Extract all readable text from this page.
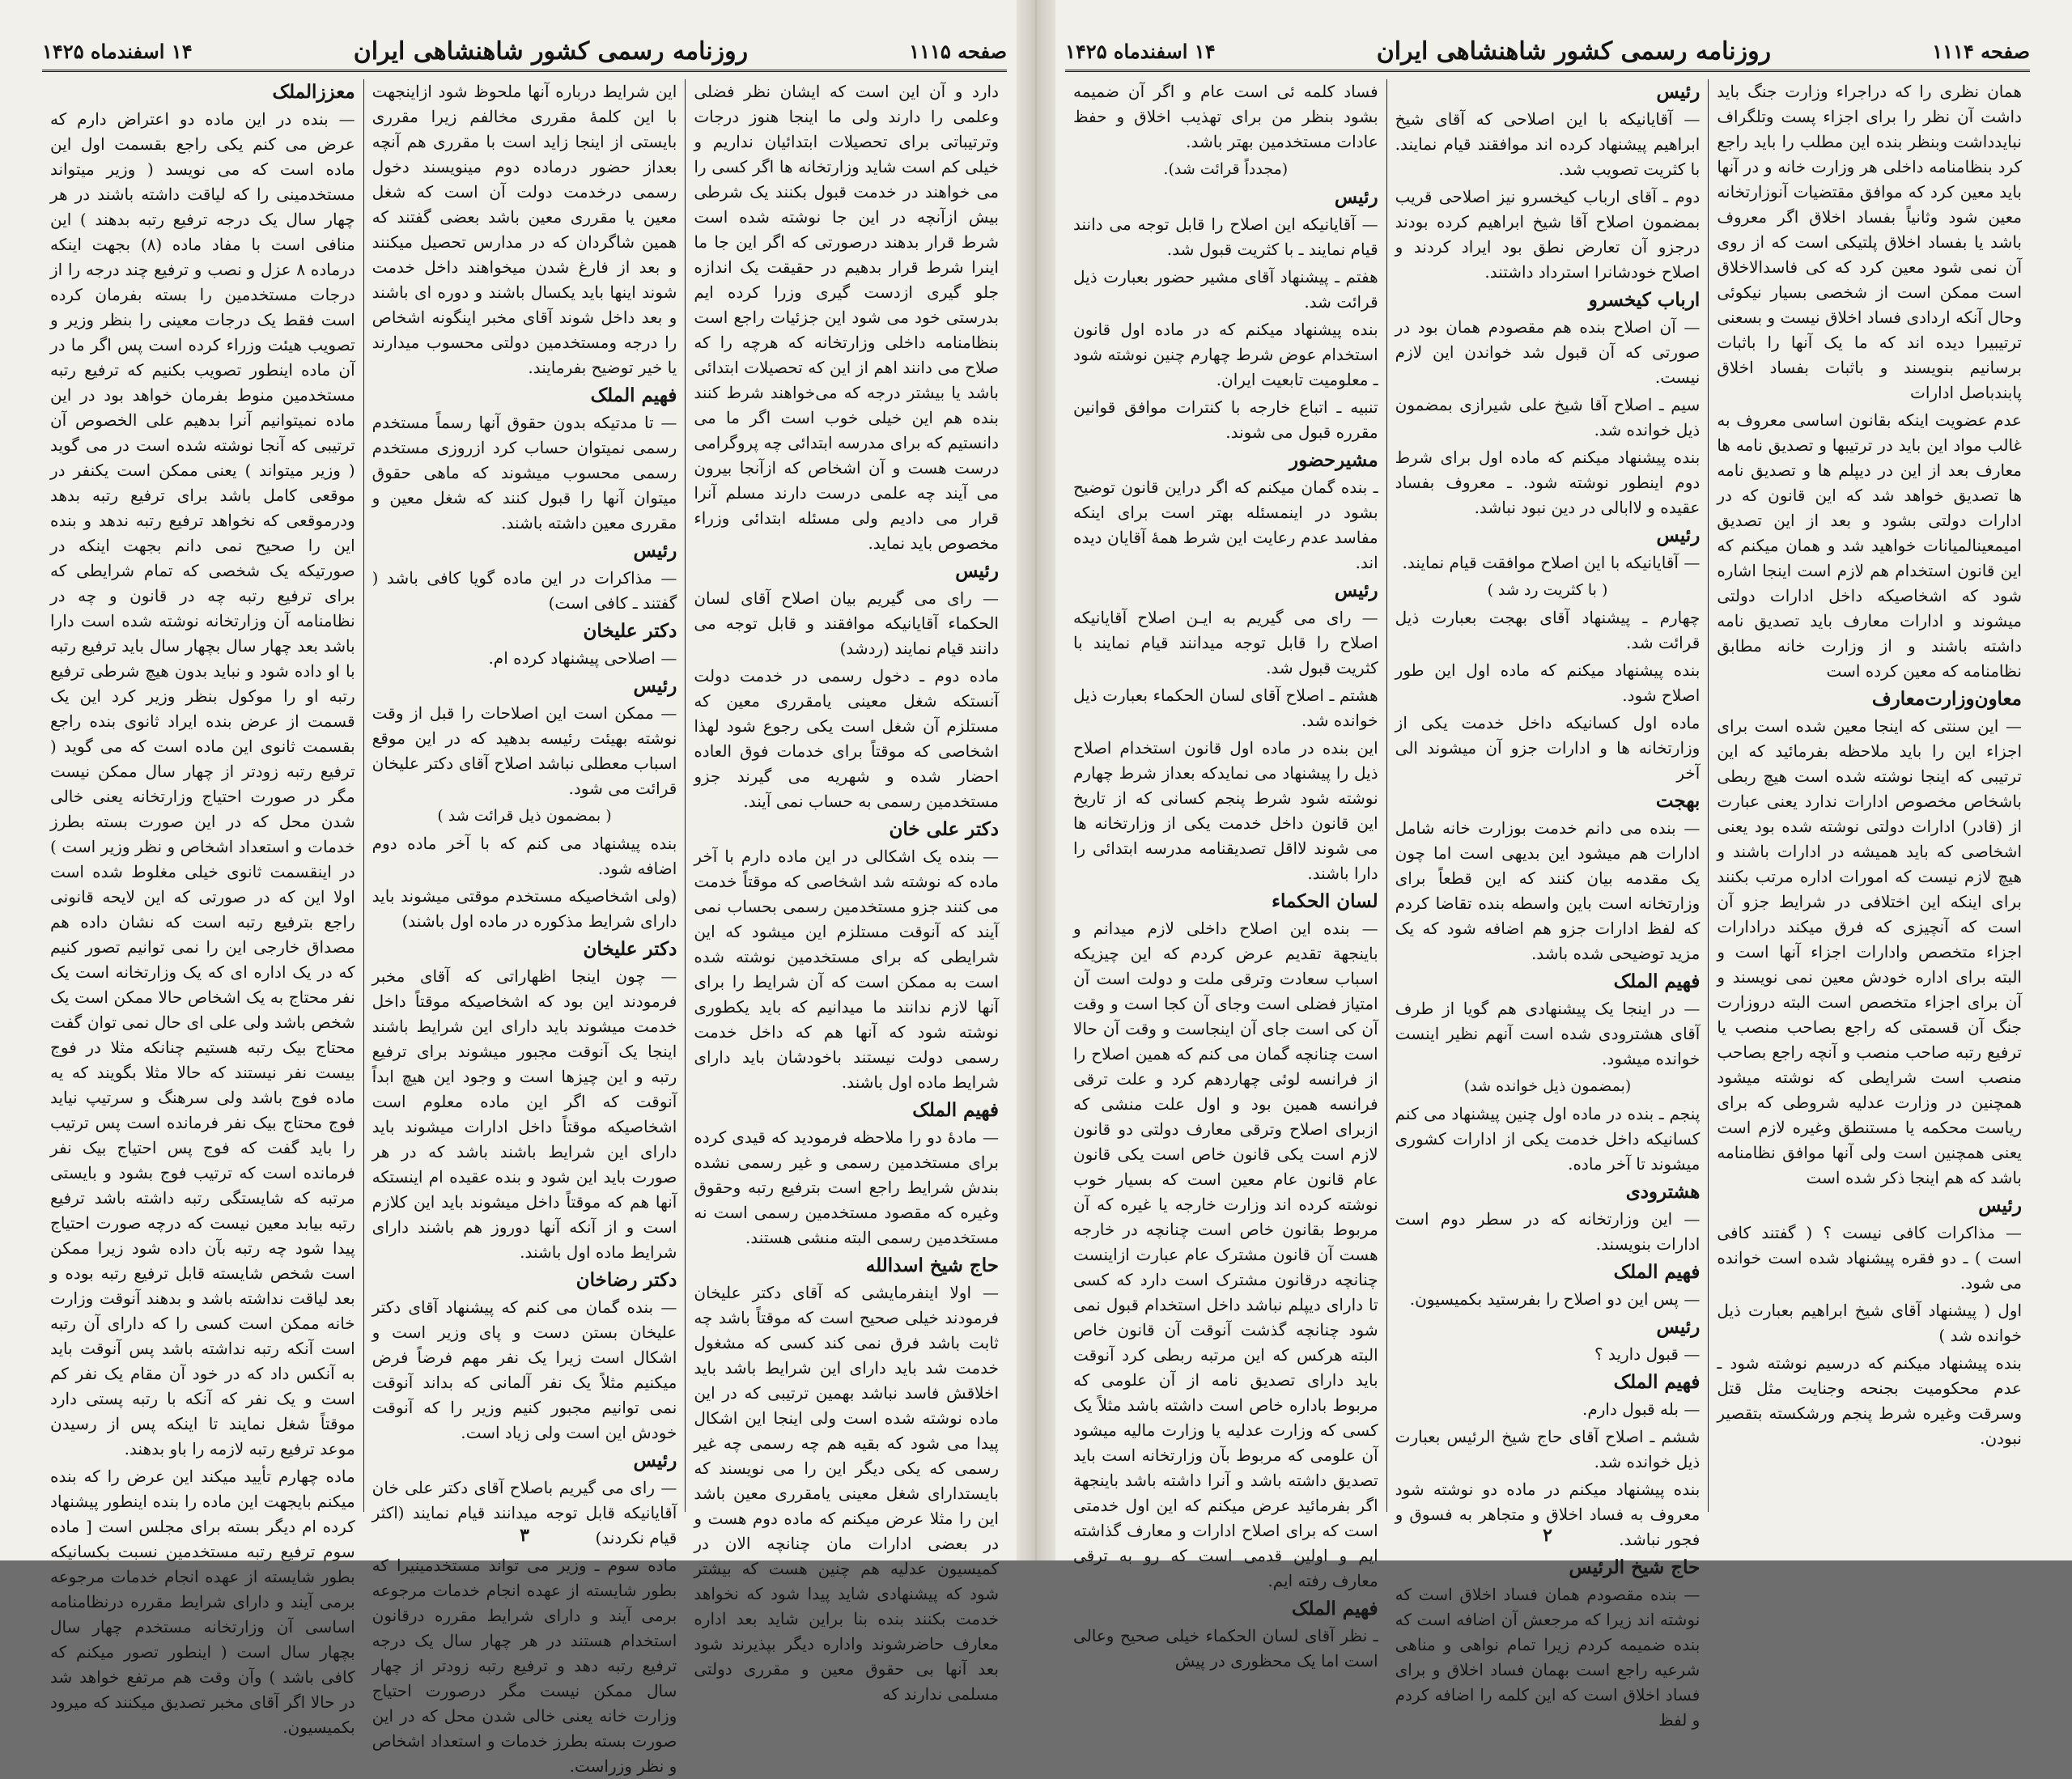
صفحه ۱۱۱۵
روزنامه رسمی کشور شاهنشاهی ایران
۱۴ اسفندماه ۱۴۲۵

دارد و آن این است که ایشان نظر فضلی وعلمی را دارند ولی ما اینجا هنوز درجات وترتیباتی برای تحصیلات ابتدائیان نداریم و خیلی کم است شاید وزارتخانه ها اگر کسی را می خواهند در خدمت قبول بکنند یک شرطی بیش ازآنچه در این جا نوشته شده است شرط قرار بدهند درصورتی که اگر این جا ما اینرا شرط قرار بدهیم در حقیقت یک اندازه جلو گیری ازدست گیری وزرا کرده ایم بدرستی خود می شود این جزئیات راجع است بنظامنامه داخلی وزارتخانه که هرچه را که صلاح می دانند اهم از این که تحصیلات ابتدائی باشد یا بیشتر درجه که می‌خواهند شرط کنند بنده هم این خیلی خوب است اگر ما می دانستیم که برای مدرسه ابتدائی چه پروگرامی درست هست و آن اشخاص که ازآنجا بیرون می آیند چه علمی درست دارند مسلم آنرا قرار می دادیم ولی مسئله ابتدائی وزراء مخصوص باید نماید.

رئیس

— رای می گیریم بیان اصلاح آقای لسان الحکماء آقایانیکه موافقند و قابل توجه می دانند قیام نمایند (ردشد)

ماده دوم ـ دخول رسمی در خدمت دولت آنستکه شغل معینی یامقرری معین که مستلزم آن شغل است یکی رجوع شود لهذا اشخاصی که موقتاً برای خدمات فوق العاده احضار شده و شهریه می گیرند جزو مستخدمین رسمی به حساب نمی آیند.

دکتر علی خان

— بنده یک اشکالی در این ماده دارم با آخر ماده که نوشته شد اشخاصی که موقتاً خدمت می کنند جزو مستخدمین رسمی بحساب نمی آیند که آنوقت مستلزم این میشود که این شرایطی که برای مستخدمین نوشته شده است به ممکن است که آن شرایط را برای آنها لازم ندانند ما میدانیم که باید یکطوری نوشته شود که آنها هم که داخل خدمت رسمی دولت نیستند باخودشان باید دارای شرایط ماده اول باشند.

فهیم الملک

— مادهٔ دو را ملاحظه فرمودید که قیدی کرده برای مستخدمین رسمی و غیر رسمی نشده بندش شرایط راجع است بترفیع رتبه وحقوق وغیره که مقصود مستخدمین رسمی است نه مستخدمین رسمی البته منشی هستند.

حاج شیخ اسدالله

— اولا اینفرمایشی که آقای دکتر علیخان فرمودند خیلی صحیح است که موقتاً باشد چه ثابت باشد فرق نمی کند کسی که مشغول خدمت شد باید دارای این شرایط باشد باید اخلاقش فاسد نباشد بهمین ترتیبی که در این ماده نوشته شده است ولی اینجا این اشکال پیدا می شود که بقیه هم چه رسمی چه غیر رسمی که یکی دیگر این را می نویسند که بایستدارای شغل معینی یامقرری معین باشد این را مثلا عرض میکنم که ماده دوم هست و در بعضی ادارات مان چنانچه الان در کمیسیون عدلیه هم چنین هست که بیشتر شود که پیشنهادی شاید پیدا شود که نخواهد خدمت بکنند بنده بنا براین شاید بعد اداره معارف حاضرشوند واداره دیگر بپذیرند شود بعد آنها بی حقوق معین و مقرری دولتی مسلمی ندارند که

این شرایط درباره آنها ملحوظ شود ازاینجهت با این کلمهٔ مقرری مخالفم زیرا مقرری بایستی از اینجا زاید است با مقرری هم آنچه بعداز حضور درماده دوم مینویسند دخول رسمی درخدمت دولت آن است که شغل معین یا مقرری معین باشد بعضی گفتند که همین شاگردان که در مدارس تحصیل میکنند و بعد از فارغ شدن میخواهند داخل خدمت شوند اینها باید یکسال باشند و دوره ای باشند و بعد داخل شوند آقای مخبر اینگونه اشخاص را درجه ومستخدمین دولتی محسوب میدارند یا خیر توضیح بفرمایند.

فهیم الملک

— تا مدتیکه بدون حقوق آنها رسماً مستخدم رسمی نمیتوان حساب کرد ازروزی مستخدم رسمی محسوب میشوند که ماهی حقوق میتوان آنها را قبول کنند که شغل معین و مقرری معین داشته باشند.

رئیس

— مذاکرات در این ماده گویا کافی باشد ( گفتند ـ کافی است)

دکتر علیخان

— اصلاحی پیشنهاد کرده ام.

رئیس

— ممکن است این اصلاحات را قبل از وقت نوشته بهیئت رئیسه بدهید که در این موقع اسباب معطلی نباشد اصلاح آقای دکتر علیخان قرائت می شود.

( بمضمون ذیل قرائت شد )

بنده پیشنهاد می کنم که با آخر ماده دوم اضافه شود.

(ولی اشخاصیکه مستخدم موقتی میشوند باید دارای شرایط مذکوره در ماده اول باشند)

دکتر علیخان

— چون اینجا اظهاراتی که آقای مخبر فرمودند این بود که اشخاصیکه موقتاً داخل خدمت میشوند باید دارای این شرایط باشند اینجا یک آنوقت مجبور میشوند برای ترفیع رتبه و این چیزها است و وجود این هیچ ابداً آنوقت که اگر این ماده معلوم است اشخاصیکه موقتاً داخل ادارات میشوند باید دارای این شرایط باشند باشد که در هر صورت باید این شود و بنده عقیده ام اینستکه آنها هم که موقتاً داخل میشوند باید این کلازم است و از آنکه آنها دوروز هم باشند دارای شرایط ماده اول باشند.

دکتر رضاخان

— بنده گمان می کنم که پیشنهاد آقای دکتر علیخان بستن دست و پای وزیر است و اشکال است زیرا یک نفر مهم فرضاً فرض میکنیم مثلاً یک نفر آلمانی که بداند آنوقت نمی توانیم مجبور کنیم وزیر را که آنوقت خودش این است ولی زیاد است.

رئیس

— رای می گیریم باصلاح آقای دکتر علی خان آقایانیکه قابل توجه میدانند قیام نمایند (اکثر قیام نکردند)

ماده سوم ـ وزیر می تواند مستخدمینیرا که بطور شایسته از عهده انجام خدمات مرجوعه برمی آیند و دارای شرایط مقرره درقانون استخدام هستند در هر چهار سال یک درجه ترفیع رتبه دهد و ترفیع رتبه زودتر از چهار سال ممکن نیست مگر درصورت احتیاج وزارت خانه یعنی خالی شدن محل که در این صورت بسته بطرز خدمات و استعداد اشخاص و نظر وزراست.

معززالملک

— بنده در این ماده دو اعتراض دارم که عرض می کنم یکی راجع بقسمت اول این ماده است که می نویسد ( وزیر میتواند مستخدمینی را که لیاقت داشته باشند در هر چهار سال یک درجه ترفیع رتبه بدهند ) این منافی است با مفاد ماده (۸) بجهت اینکه درماده ۸ عزل و نصب و ترفیع چند درجه را از درجات مستخدمین را بسته بفرمان کرده است فقط یک درجات معینی را بنظر وزیر و تصویب هیئت وزراء کرده است پس اگر ما در آن ماده اینطور تصویب بکنیم که ترفیع رتبه مستخدمین منوط بفرمان خواهد بود در این ماده نمیتوانیم آنرا بدهیم علی الخصوص آن ترتیبی که آنجا نوشته شده است در می گوید ( وزیر میتواند ) یعنی ممکن است یکنفر در موقعی کامل باشد برای ترفیع رتبه بدهد ودرموقعی که نخواهد ترفیع رتبه ندهد و بنده این را صحیح نمی دانم بجهت اینکه در صورتیکه یک شخصی که تمام شرایطی که برای ترفیع رتبه چه در قانون و چه در نظامنامه آن وزارتخانه نوشته شده است دارا باشد بعد چهار سال بچهار سال باید ترفیع رتبه با او داده شود و نباید بدون هیچ شرطی ترفیع رتبه او را موکول بنظر وزیر کرد این یک قسمت از عرض بنده ایراد ثانوی بنده راجع بقسمت ثانوی این ماده است که می گوید ( ترفیع رتبه زودتر از چهار سال ممکن نیست مگر در صورت احتیاج وزارتخانه یعنی خالی شدن محل که در این صورت بسته بطرز خدمات و استعداد اشخاص و نظر وزیر است ) در اینقسمت ثانوی خیلی مغلوط شده است اولا این که در صورتی که این لایحه قانونی راجع بترفیع رتبه است که نشان داده هم مصداق خارجی این را نمی توانیم تصور کنیم که در یک اداره ای که یک وزارتخانه است یک نفر محتاج به یک اشخاص حالا ممکن است یک شخص باشد ولی علی ای حال نمی توان گفت محتاج بیک رتبه هستیم چنانکه مثلا در فوج بیست نفر نیستند که حالا مثلا بگویند که یه ماده فوج باشد ولی سرهنگ و سرتیپ نیاید فوج محتاج بیک نفر فرمانده است پس ترتیب را باید گفت که فوج پس احتیاج بیک نفر فرمانده است که ترتیب فوج بشود و بایستی مرتبه که شایستگی رتبه داشته باشد ترفیع رتبه بیابد معین نیست که درچه صورت احتیاج پیدا شود چه رتبه بآن داده شود زیرا ممکن است شخص شایسته قابل ترفیع رتبه بوده و بعد لیاقت نداشته باشد و بدهند آنوقت وزارت خانه ممکن است کسی را که دارای آن رتبه است آنکه رتبه نداشته باشد پس آنوقت باید به آنکس داد که در خود آن مقام یک نفر کم است و یک نفر که آنکه با رتبه پستی دارد موقتاً شغل نمایند تا اینکه پس از رسیدن موعد ترفیع رتبه لازمه را باو بدهند.

ماده چهارم تأیید میکند این عرض را که بنده میکنم بایجهت این ماده را بنده اینطور پیشنهاد کرده ام دیگر بسته برای مجلس است [ ماده سوم ترفیع رتبه مستخدمین نسبت بکسانیکه بطور شایسته از عهده انجام خدمات مرجوعه برمی آیند و دارای شرایط مقرره درنظامنامه اساسی آن وزارتخانه مستخدم چهار سال بچهار سال است ( اینطور تصور میکنم که کافی باشد ) وآن وقت هم مرتفع خواهد شد در حالا اگر آقای مخبر تصدیق میکنند که میرود بکمیسیون.

۳
صفحه ۱۱۱۴
روزنامه رسمی کشور شاهنشاهی ایران
۱۴ اسفندماه ۱۴۲۵

همان نظری را که دراجراء وزارت جنگ باید داشت آن نظر را برای اجزاء پست وتلگراف نبایدداشت وبنظر بنده این مطلب را باید راجع کرد بنظامنامه داخلی هر وزارت خانه و در آنها باید معین کرد که موافق مقتضیات آنوزارتخانه معین شود وثانیاً بفساد اخلاق اگر معروف باشد یا بفساد اخلاق پلتیکی است که از روی آن نمی شود معین کرد که کی فاسدالاخلاق است ممکن است از شخصی بسیار نیکوئی وحال آنکه اردادی فساد اخلاق نیست و بسعنی ترتیبیرا دیده اند که ما یک آنها را باثبات برسانیم بنویسند و باثبات بفساد اخلاق پابندباصل ادارات

عدم عضویت اینکه بقانون اساسی معروف به غالب مواد این باید در ترتیبها و تصدیق نامه ها معارف بعد از این در دیپلم ها و تصدیق نامه ها تصدیق خواهد شد که این قانون که در ادارات دولتی بشود و بعد از این تصدیق امیمعینالمیانات خواهید شد و همان میکنم که این قانون استخدام هم لازم است اینجا اشاره شود که اشخاصیکه داخل ادارات دولتی میشوند و ادارات معارف باید تصدیق نامه داشته باشند و از وزارت خانه مطابق نظامنامه که معین کرده است

معاون‌وزارت‌معارف

— این سنتی که اینجا معین شده است برای اجزاء این را باید ملاحظه بفرمائید که این ترتیبی که اینجا نوشته شده است هیچ ربطی باشخاص مخصوص ادارات ندارد یعنی عبارت از (قادر) ادارات دولتی نوشته شده بود یعنی اشخاصی که باید همیشه در ادارات باشند و هیچ لازم نیست که امورات اداره مرتب بکنند برای اینکه این اختلافی در شرایط جزو آن است که آنچیزی که فرق میکند درادارات اجزاء متخصص وادارات اجزاء آنها است و البته برای اداره خودش معین نمی نویسند و آن برای اجزاء متخصص است البته دروزارت جنگ آن قسمتی که راجع بصاحب منصب یا ترفیع رتبه صاحب منصب و آنچه راجع بصاحب منصب است شرایطی که نوشته میشود همچنین در وزارت عدلیه شروطی که برای ریاست محکمه یا مستنطق وغیره لازم است یعنی همچنین است ولی آنها موافق نظامنامه باشد که هم اینجا ذکر شده است

رئیس

— مذاکرات کافی نیست ؟ ( گفتند کافی است ) ـ دو فقره پیشنهاد شده است خوانده می شود.

اول ( پیشنهاد آقای شیخ ابراهیم بعبارت ذیل خوانده شد )

بنده پیشنهاد میکنم که درسیم نوشته شود ـ عدم محکومیت بجنحه وجنایت مثل قتل وسرقت وغیره شرط پنجم ورشکسته بتقصیر نبودن.

رئیس

— آقایانیکه با این اصلاحی که آقای شیخ ابراهیم پیشنهاد کرده اند موافقند قیام نمایند. با کثریت تصویب شد.

دوم ـ آقای ارباب کیخسرو نیز اصلاحی قریب بمضمون اصلاح آقا شیخ ابراهیم کرده بودند درجزو آن تعارض نطق بود ایراد کردند و اصلاح خودشانرا استرداد داشتند.

ارباب کیخسرو

— آن اصلاح بنده هم مقصودم همان بود در صورتی که آن قبول شد خواندن این لازم نیست.

سیم ـ اصلاح آقا شیخ علی شیرازی بمضمون ذیل خوانده شد.

بنده پیشنهاد میکنم که ماده اول برای شرط دوم اینطور نوشته شود. ـ معروف بفساد عقیده و لاابالی در دین نبود نباشد.

رئیس

— آقایانیکه با این اصلاح موافقت قیام نمایند.

( با کثریت رد شد )

چهارم ـ پیشنهاد آقای بهجت بعبارت ذیل قرائت شد.

بنده پیشنهاد میکنم که ماده اول این طور اصلاح شود.

ماده اول کسانیکه داخل خدمت یکی از وزارتخانه ها و ادارات جزو آن میشوند الی آخر

بهجت

— بنده می دانم خدمت بوزارت خانه شامل ادارات هم میشود این بدیهی است اما چون یک مقدمه بیان کنند که این قطعاً برای وزارتخانه است باین واسطه بنده تقاضا کردم که لفظ ادارات جزو هم اضافه شود که یک مزید توضیحی شده باشد.

فهیم الملک

— در اینجا یک پیشنهادی هم گویا از طرف آقای هشترودی شده است آنهم نظیر اینست خوانده میشود.

(بمضمون ذیل خوانده شد)

پنجم ـ بنده در ماده اول چنین پیشنهاد می کنم کسانیکه داخل خدمت یکی از ادارات کشوری میشوند تا آخر ماده.

هشترودی

— این وزارتخانه که در سطر دوم است ادارات بنویسند.

فهیم الملک

— پس این دو اصلاح را بفرستید بکمیسیون.

رئیس

— قبول دارید ؟

فهیم الملک

— بله قبول دارم.

ششم ـ اصلاح آقای حاج شیخ الرئیس بعبارت ذیل خوانده شد.

بنده پیشنهاد میکنم در ماده دو نوشته شود معروف به فساد اخلاق و متجاهر به فسوق و فجور نباشد.

حاج شیخ الرئیس

— بنده مقصودم همان فساد اخلاق است که نوشته اند زیرا که مرجعش آن اضافه است که بنده ضمیمه کردم زیرا تمام نواهی و مناهی شرعیه راجع است بهمان فساد اخلاق و برای فساد اخلاق است که این کلمه را اضافه کردم و لفظ

فساد کلمه ئی است عام و اگر آن ضمیمه بشود بنظر من برای تهذیب اخلاق و حفظ عادات مستخدمین بهتر باشد.

(مجدداً قرائت شد).

رئیس

— آقایانیکه این اصلاح را قابل توجه می دانند قیام نمایند ـ با کثریت قبول شد.

هفتم ـ پیشنهاد آقای مشیر حضور بعبارت ذیل قرائت شد.

بنده پیشنهاد میکنم که در ماده اول قانون استخدام عوض شرط چهارم چنین نوشته شود ـ معلومیت تابعیت ایران.

تنبیه ـ اتباع خارجه با کنترات موافق قوانین مقرره قبول می شوند.

مشیرحضور

ـ بنده گمان میکنم که اگر دراین قانون توضیح بشود در اینمسئله بهتر است برای اینکه مفاسد عدم رعایت این شرط همهٔ آقایان دیده اند.

رئیس

— رای می گیریم به ایـن اصلاح آقایانیکه اصلاح را قابل توجه میدانند قیام نمایند با کثریت قبول شد.

هشتم ـ اصلاح آقای لسان الحکماء بعبارت ذیل خوانده شد.

این بنده در ماده اول قانون استخدام اصلاح ذیل را پیشنهاد می نمایدکه بعداز شرط چهارم نوشته شود شرط پنجم کسانی که از تاریخ این قانون داخل خدمت یکی از وزارتخانه ها می شوند لااقل تصدیقنامه مدرسه ابتدائی را دارا باشند.

لسان الحکماء

— بنده این اصلاح داخلی لازم میدانم و باینجهة تقدیم عرض کردم که این چیزیکه اسباب سعادت وترقی ملت و دولت است آن امتیاز فضلی است وجای آن کجا است و وقت آن کی است جای آن اینجاست و وقت آن حالا است چنانچه گمان می کنم که همین اصلاح را از فرانسه لوئی چهاردهم کرد و علت ترقی فرانسه همین بود و اول علت منشی که ازبرای اصلاح وترقی معارف دولتی دو قانون لازم است یکی قانون خاص است یکی قانون عام قانون عام معین است که بسیار خوب نوشته کرده اند وزارت خارجه یا غیره که آن مربوط بقانون خاص است چنانچه در خارجه هست آن قانون مشترک عام عبارت ازاینست چنانچه درقانون مشترک است دارد که کسی تا دارای دیپلم نباشد داخل استخدام قبول نمی شود چنانچه گذشت آنوقت آن قانون خاص البته هرکس که این مرتبه ربطی کرد آنوقت باید دارای تصدیق نامه از آن علومی که مربوط باداره خاص است داشته باشد مثلاً یک کسی که وزارت عدلیه یا وزارت مالیه میشود آن علومی که مربوط بآن وزارتخانه است باید تصدیق داشته باشد و آنرا داشته باشد باینجهة اگر بفرمائید عرض میکنم که این اول خدمتی است که برای اصلاح ادارات و معارف گذاشته ایم و اولین قدمی است که رو به ترقی معارف رفته ایم.

فهیم الملک

ـ نظر آقای لسان الحکماء خیلی صحیح وعالی است اما یک محظوری در پیش

۲
